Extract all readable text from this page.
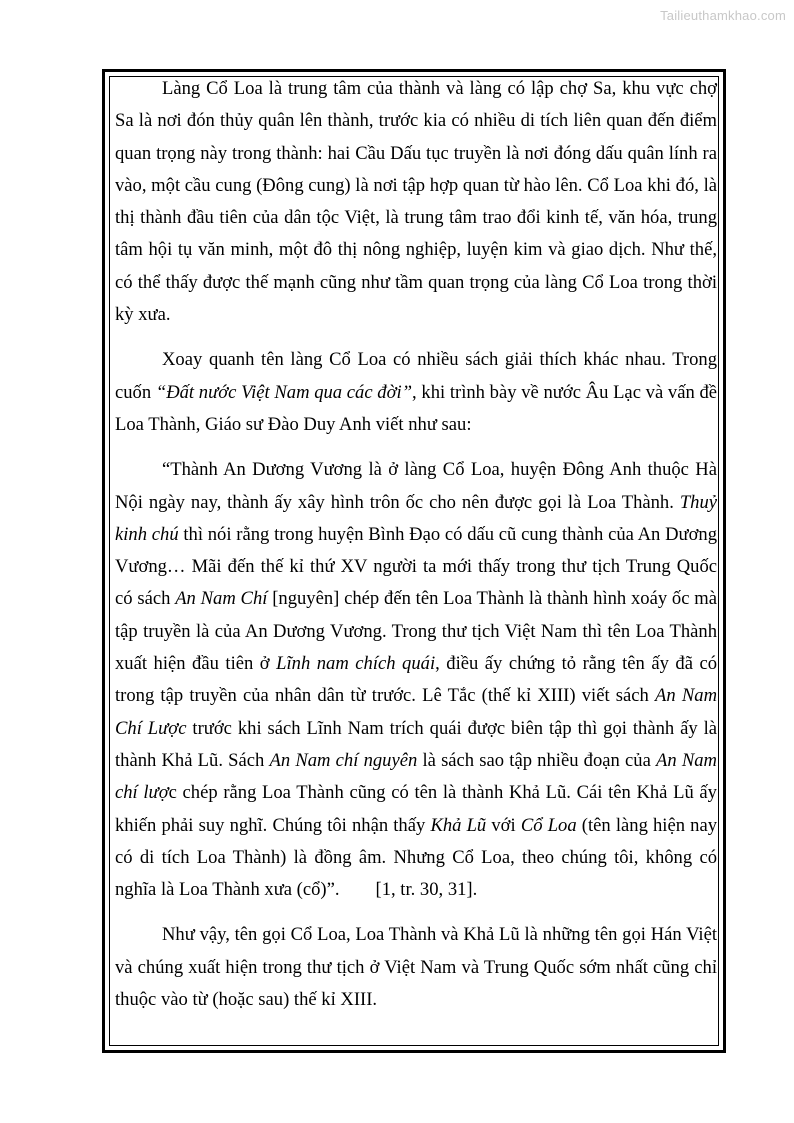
Tailieuthamkhao.com

Làng Cổ Loa là trung tâm của thành và làng có lập chợ Sa, khu vực chợ Sa là nơi đón thủy quân lên thành, trước kia có nhiều di tích liên quan đến điểm quan trọng này trong thành: hai Cầu Dấu tục truyền là nơi đóng dấu quân lính ra vào, một cầu cung (Đông cung) là nơi tập hợp quan từ hào lên. Cổ Loa khi đó, là thị thành đầu tiên của dân tộc Việt, là trung tâm trao đổi kinh tế, văn hóa, trung tâm hội tụ văn minh, một đô thị nông nghiệp, luyện kim và giao dịch. Như thế, có thể thấy được thế mạnh cũng như tầm quan trọng của làng Cổ Loa trong thời kỳ xưa.

Xoay quanh tên làng Cổ Loa có nhiều sách giải thích khác nhau. Trong cuốn “Đất nước Việt Nam qua các đời”, khi trình bày về nước Âu Lạc và vấn đề Loa Thành, Giáo sư Đào Duy Anh viết như sau:

“Thành An Dương Vương là ở làng Cổ Loa, huyện Đông Anh thuộc Hà Nội ngày nay, thành ấy xây hình trôn ốc cho nên được gọi là Loa Thành. Thuỷ kinh chú thì nói rằng trong huyện Bình Đạo có dấu cũ cung thành của An Dương Vương… Mãi đến thế kỉ thứ XV người ta mới thấy trong thư tịch Trung Quốc có sách An Nam Chí [nguyên] chép đến tên Loa Thành là thành hình xoáy ốc mà tập truyền là của An Dương Vương. Trong thư tịch Việt Nam thì tên Loa Thành xuất hiện đầu tiên ở Lĩnh nam chích quái, điều ấy chứng tỏ rằng tên ấy đã có trong tập truyền của nhân dân từ trước. Lê Tắc (thế kỉ XIII) viết sách An Nam Chí Lược trước khi sách Lĩnh Nam trích quái được biên tập thì gọi thành ấy là thành Khả Lũ. Sách An Nam chí nguyên là sách sao tập nhiều đoạn của An Nam chí lược chép rằng Loa Thành cũng có tên là thành Khả Lũ. Cái tên Khả Lũ ấy khiến phải suy nghĩ. Chúng tôi nhận thấy Khả Lũ với Cổ Loa (tên làng hiện nay có di tích Loa Thành) là đồng âm. Nhưng Cổ Loa, theo chúng tôi, không có nghĩa là Loa Thành xưa (cổ)”. [1, tr. 30, 31].

Như vậy, tên gọi Cổ Loa, Loa Thành và Khả Lũ là những tên gọi Hán Việt và chúng xuất hiện trong thư tịch ở Việt Nam và Trung Quốc sớm nhất cũng chỉ thuộc vào từ (hoặc sau) thế kỉ XIII.
